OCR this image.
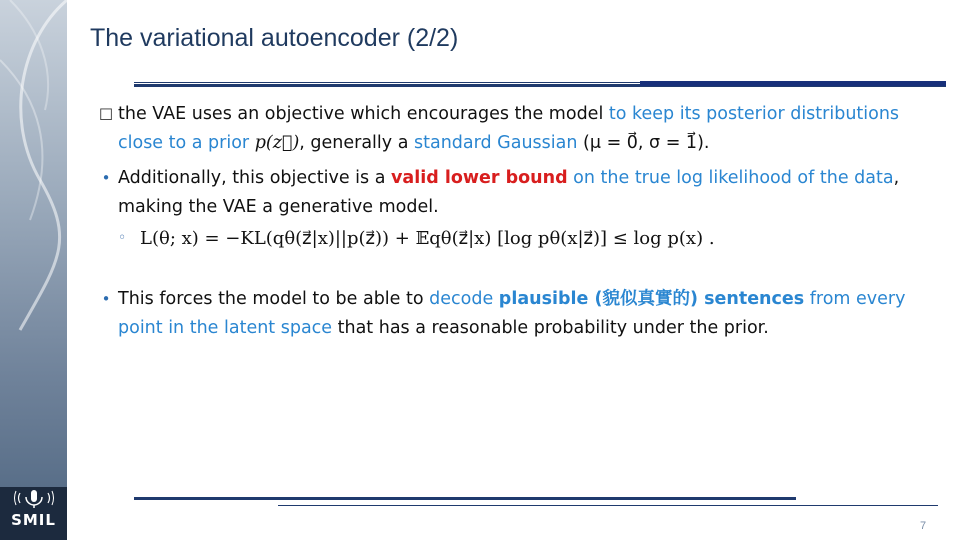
SMIL
The variational autoencoder (2/2)
☐ the VAE uses an objective which encourages the model to keep its posterior distributions close to a prior p(z⃗), generally a standard Gaussian (μ = 0⃗, σ = 1⃗).
• Additionally, this objective is a valid lower bound on the true log likelihood of the data, making the VAE a generative model.
◦ L(θ; x) = −KL(qθ(z⃗|x)||p(z⃗)) + 𝔼qθ(z⃗|x) [log pθ(x|z⃗)] ≤ log p(x) .
• This forces the model to be able to decode plausible (貌似真實的) sentences from every point in the latent space that has a reasonable probability under the prior.
7
